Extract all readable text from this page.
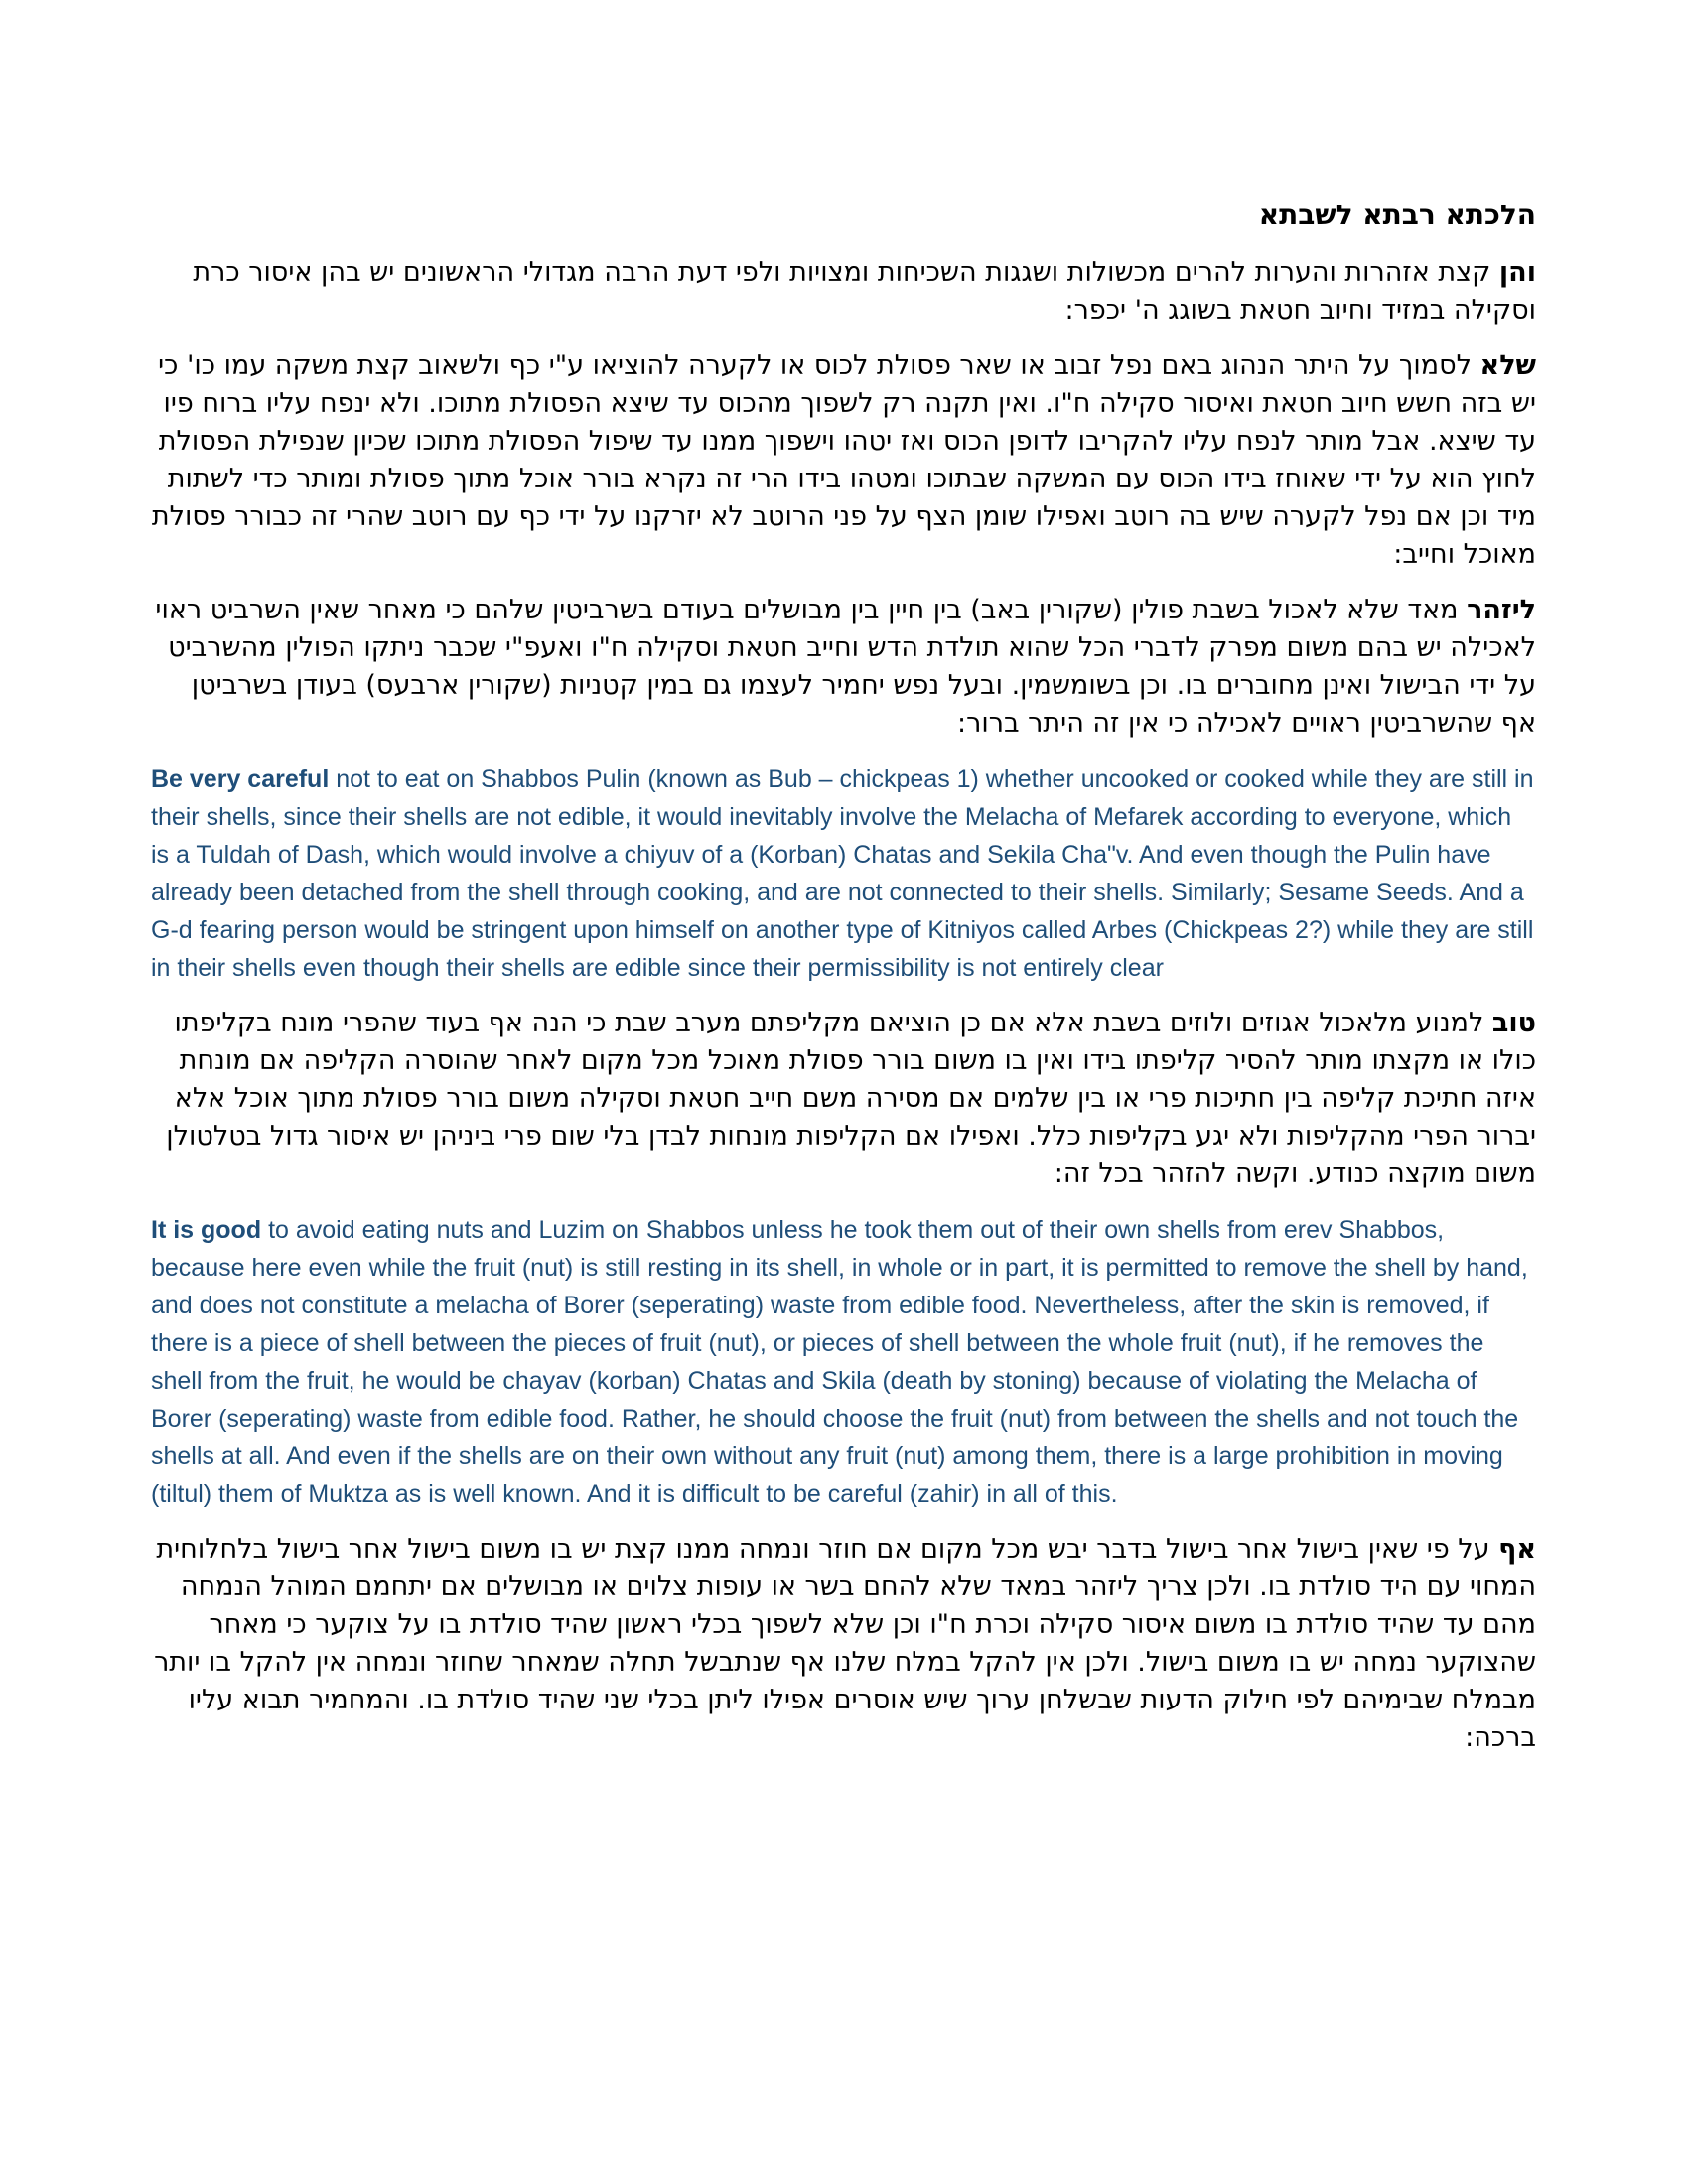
הלכתא רבתא לשבתא

והן קצת אזהרות והערות להרים מכשולות ושגגות השכיחות ומצויות ולפי דעת הרבה מגדולי הראשונים יש בהן איסור כרת וסקילה במזיד וחיוב חטאת בשוגג ה' יכפר:

שלא לסמוך על היתר הנהוג באם נפל זבוב או שאר פסולת לכוס או לקערה להוציאו ע"י כף ולשאוב קצת משקה עמו כו' כי יש בזה חשש חיוב חטאת ואיסור סקילה ח"ו. ואין תקנה רק לשפוך מהכוס עד שיצא הפסולת מתוכו. ולא ינפח עליו ברוח פיו עד שיצא. אבל מותר לנפח עליו להקריבו לדופן הכוס ואז יטהו וישפוך ממנו עד שיפול הפסולת מתוכו שכיון שנפילת הפסולת לחוץ הוא על ידי שאוחז בידו הכוס עם המשקה שבתוכו ומטהו בידו הרי זה נקרא בורר אוכל מתוך פסולת ומותר כדי לשתות מיד וכן אם נפל לקערה שיש בה רוטב ואפילו שומן הצף על פני הרוטב לא יזרקנו על ידי כף עם רוטב שהרי זה כבורר פסולת מאוכל וחייב:

ליזהר מאד שלא לאכול בשבת פולין (שקורין באב) בין חיין בין מבושלים בעודם בשרביטין שלהם כי מאחר שאין השרביט ראוי לאכילה יש בהם משום מפרק לדברי הכל שהוא תולדת הדש וחייב חטאת וסקילה ח"ו ואעפ"י שכבר ניתקו הפולין מהשרביט על ידי הבישול ואינן מחוברים בו. וכן בשומשמין. ובעל נפש יחמיר לעצמו גם במין קטניות (שקורין ארבעס) בעודן בשרביטן אף שהשרביטין ראויים לאכילה כי אין זה היתר ברור:

Be very careful not to eat on Shabbos Pulin (known as Bub – chickpeas 1) whether uncooked or cooked while they are still in their shells, since their shells are not edible, it would inevitably involve the Melacha of Mefarek according to everyone, which is a Tuldah of Dash, which would involve a chiyuv of a (Korban) Chatas and Sekila Cha"v. And even though the Pulin have already been detached from the shell through cooking, and are not connected to their shells. Similarly; Sesame Seeds. And a G-d fearing person would be stringent upon himself on another type of Kitniyos called Arbes (Chickpeas 2?) while they are still in their shells even though their shells are edible since their permissibility is not entirely clear

טוב למנוע מלאכול אגוזים ולוזים בשבת אלא אם כן הוציאם מקליפתם מערב שבת כי הנה אף בעוד שהפרי מונח בקליפתו כולו או מקצתו מותר להסיר קליפתו בידו ואין בו משום בורר פסולת מאוכל מכל מקום לאחר שהוסרה הקליפה אם מונחת איזה חתיכת קליפה בין חתיכות פרי או בין שלמים אם מסירה משם חייב חטאת וסקילה משום בורר פסולת מתוך אוכל אלא יברור הפרי מהקליפות ולא יגע בקליפות כלל. ואפילו אם הקליפות מונחות לבדן בלי שום פרי ביניהן יש איסור גדול בטלטולן משום מוקצה כנודע. וקשה להזהר בכל זה:

It is good to avoid eating nuts and Luzim on Shabbos unless he took them out of their own shells from erev Shabbos, because here even while the fruit (nut) is still resting in its shell, in whole or in part, it is permitted to remove the shell by hand, and does not constitute a melacha of Borer (seperating) waste from edible food. Nevertheless, after the skin is removed, if there is a piece of shell between the pieces of fruit (nut), or pieces of shell between the whole fruit (nut), if he removes the shell from the fruit, he would be chayav (korban) Chatas and Skila (death by stoning) because of violating the Melacha of Borer (seperating) waste from edible food. Rather, he should choose the fruit (nut) from between the shells and not touch the shells at all. And even if the shells are on their own without any fruit (nut) among them, there is a large prohibition in moving (tiltul) them of Muktza as is well known. And it is difficult to be careful (zahir) in all of this.

אף על פי שאין בישול אחר בישול בדבר יבש מכל מקום אם חוזר ונמחה ממנו קצת יש בו משום בישול אחר בישול בלחלוחית המחוי עם היד סולדת בו. ולכן צריך ליזהר במאד שלא להחם בשר או עופות צלוים או מבושלים אם יתחמם המוהל הנמחה מהם עד שהיד סולדת בו משום איסור סקילה וכרת ח"ו וכן שלא לשפוך בכלי ראשון שהיד סולדת בו על צוקער כי מאחר שהצוקער נמחה יש בו משום בישול. ולכן אין להקל במלח שלנו אף שנתבשל תחלה שמאחר שחוזר ונמחה אין להקל בו יותר מבמלח שבימיהם לפי חילוק הדעות שבשלחן ערוך שיש אוסרים אפילו ליתן בכלי שני שהיד סולדת בו. והמחמיר תבוא עליו ברכה:
